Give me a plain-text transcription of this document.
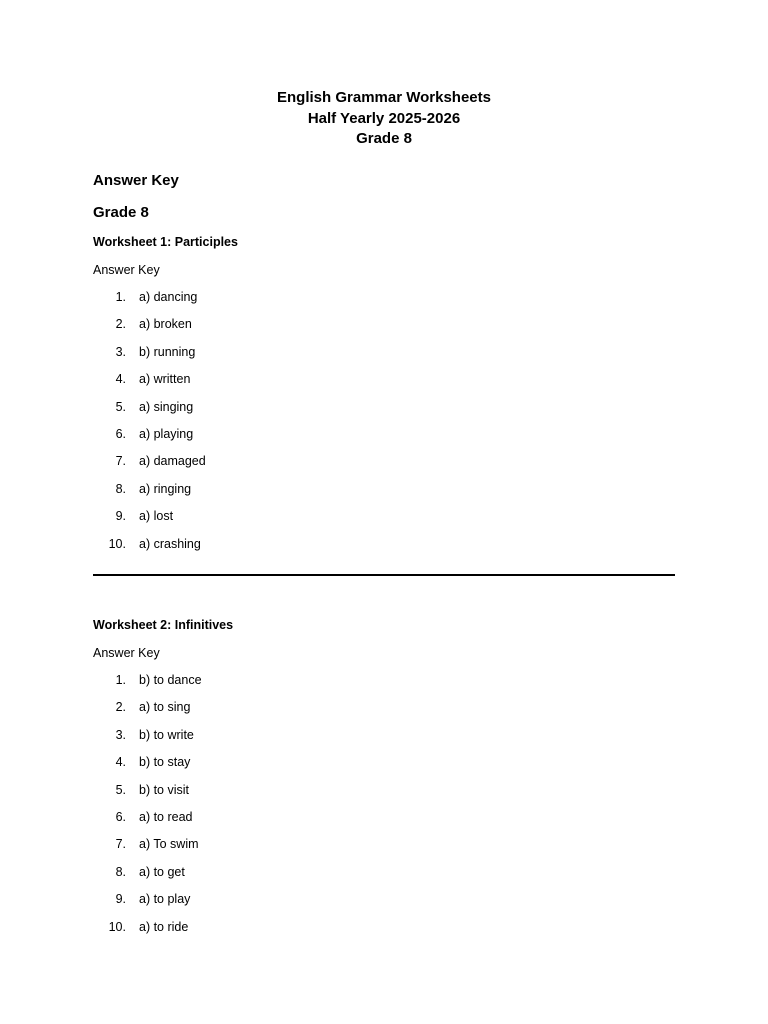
English Grammar Worksheets
Half Yearly 2025-2026
Grade 8
Answer Key
Grade 8
Worksheet 1: Participles
Answer Key
1. a) dancing
2. a) broken
3. b) running
4. a) written
5. a) singing
6. a) playing
7. a) damaged
8. a) ringing
9. a) lost
10. a) crashing
Worksheet 2: Infinitives
Answer Key
1. b) to dance
2. a) to sing
3. b) to write
4. b) to stay
5. b) to visit
6. a) to read
7. a) To swim
8. a) to get
9. a) to play
10. a) to ride
